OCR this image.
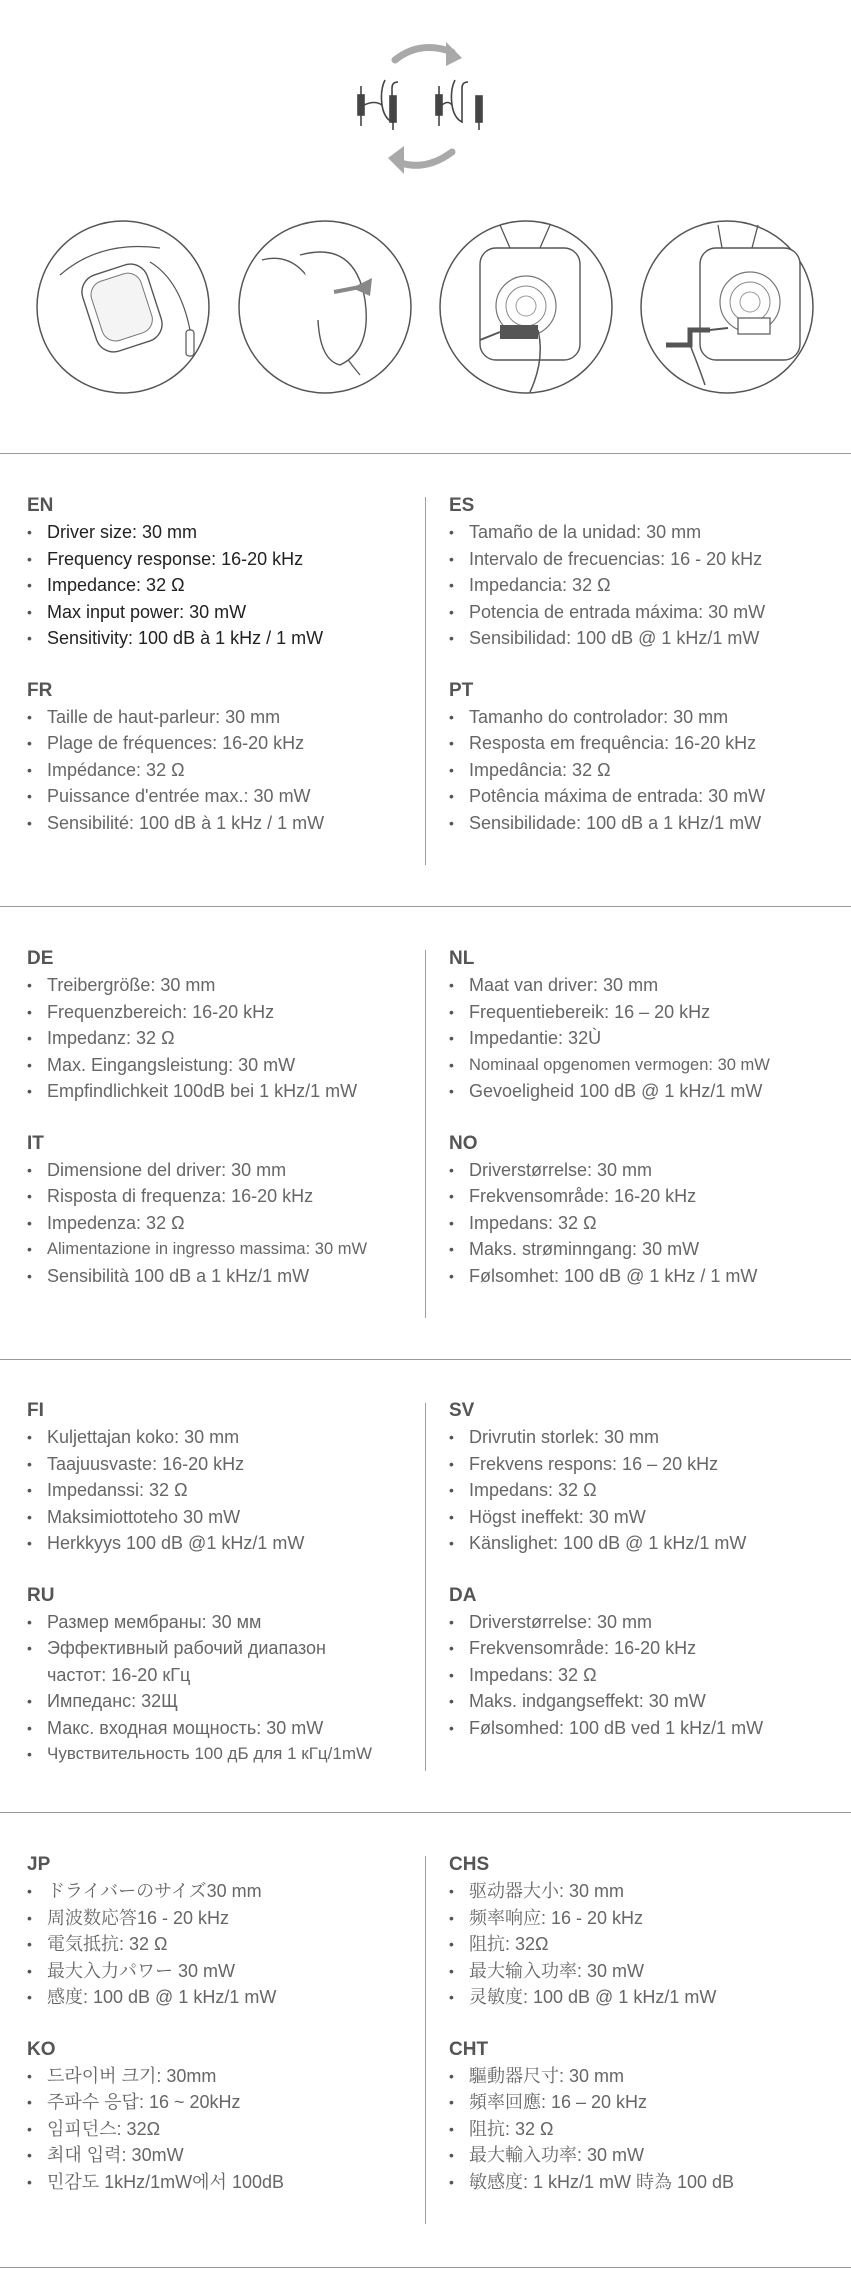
EN
• Driver size: 30 mm
• Frequency response: 16-20 kHz
• Impedance: 32 Ω
• Max input power: 30 mW
• Sensitivity: 100 dB à 1 kHz / 1 mW
FR
• Taille de haut-parleur: 30 mm
• Plage de fréquences: 16-20 kHz
• Impédance: 32 Ω
• Puissance d'entrée max.: 30 mW
• Sensibilité: 100 dB à 1 kHz / 1 mW
ES
• Tamaño de la unidad: 30 mm
• Intervalo de frecuencias: 16 - 20 kHz
• Impedancia: 32 Ω
• Potencia de entrada máxima: 30 mW
• Sensibilidad: 100 dB @ 1 kHz/1 mW
PT
• Tamanho do controlador: 30 mm
• Resposta em frequência: 16-20 kHz
• Impedância: 32 Ω
• Potência máxima de entrada: 30 mW
• Sensibilidade: 100 dB a 1 kHz/1 mW
DE
• Treibergröße: 30 mm
• Frequenzbereich: 16-20 kHz
• Impedanz: 32 Ω
• Max. Eingangsleistung: 30 mW
• Empfindlichkeit 100dB bei 1 kHz/1 mW
IT
• Dimensione del driver: 30 mm
• Risposta di frequenza: 16-20 kHz
• Impedenza: 32 Ω
• Alimentazione in ingresso massima: 30 mW
• Sensibilità 100 dB a 1 kHz/1 mW
NL
• Maat van driver: 30 mm
• Frequentiebereik: 16 – 20 kHz
• Impedantie: 32Ù
• Nominaal opgenomen vermogen: 30 mW
• Gevoeligheid 100 dB @ 1 kHz/1 mW
NO
• Driverstørrelse: 30 mm
• Frekvensområde: 16-20 kHz
• Impedans: 32 Ω
• Maks. strøminngang: 30 mW
• Følsomhet: 100 dB @ 1 kHz / 1 mW
FI
• Kuljettajan koko: 30 mm
• Taajuusvaste: 16-20 kHz
• Impedanssi: 32 Ω
• Maksimiottoteho 30 mW
• Herkkyys 100 dB @1 kHz/1 mW
RU
• Размер мембраны: 30 мм
• Эффективный рабочий диапазон
частот: 16-20 кГц
• Импеданс: 32Щ
• Макс. входная мощность: 30 mW
• Чувствительность 100 дБ для 1 кГц/1mW
SV
• Drivrutin storlek: 30 mm
• Frekvens respons: 16 – 20 kHz
• Impedans: 32 Ω
• Högst ineffekt: 30 mW
• Känslighet: 100 dB @ 1 kHz/1 mW
DA
• Driverstørrelse: 30 mm
• Frekvensområde: 16-20 kHz
• Impedans: 32 Ω
• Maks. indgangseffekt: 30 mW
• Følsomhed: 100 dB ved 1 kHz/1 mW
JP
• ドライバーのサイズ30 mm
• 周波数応答16 - 20 kHz
• 電気抵抗: 32 Ω
• 最大入力パワー 30 mW
• 感度: 100 dB @ 1 kHz/1 mW
KO
• 드라이버 크기: 30mm
• 주파수 응답: 16 ~ 20kHz
• 임피던스: 32Ω
• 최대 입력: 30mW
• 민감도 1kHz/1mW에서 100dB
CHS
• 驱动器大小: 30 mm
• 频率响应: 16 - 20 kHz
• 阻抗: 32Ω
• 最大输入功率: 30 mW
• 灵敏度: 100 dB @ 1 kHz/1 mW
CHT
• 驅動器尺寸: 30 mm
• 頻率回應: 16 – 20 kHz
• 阻抗: 32 Ω
• 最大輸入功率: 30 mW
• 敏感度: 1 kHz/1 mW 時為 100 dB
